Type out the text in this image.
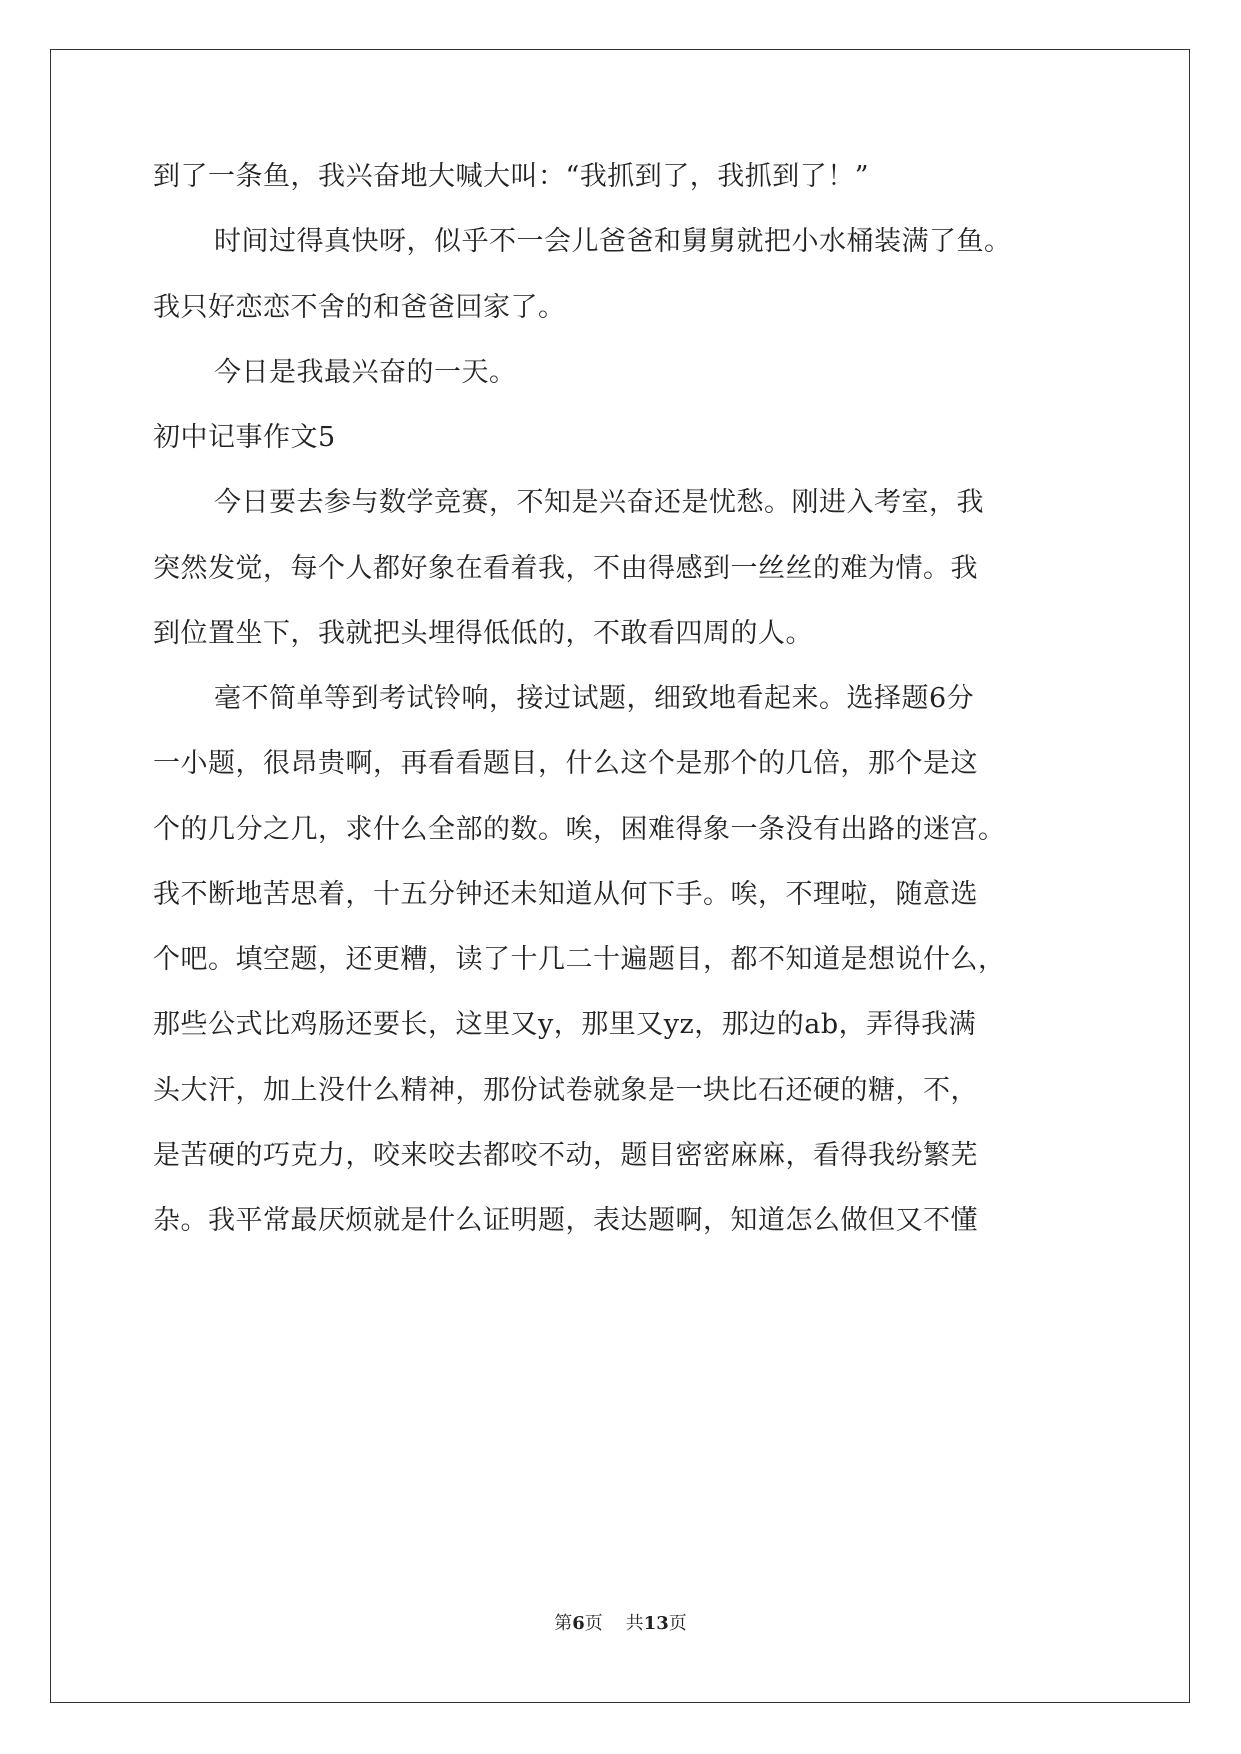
到了一条鱼，我兴奋地大喊大叫：“我抓到了，我抓到了！”
时间过得真快呀，似乎不一会儿爸爸和舅舅就把小水桶装满了鱼。
我只好恋恋不舍的和爸爸回家了。
今日是我最兴奋的一天。
初中记事作文5
今日要去参与数学竞赛，不知是兴奋还是忧愁。刚进入考室，我
突然发觉，每个人都好象在看着我，不由得感到一丝丝的难为情。我
到位置坐下，我就把头埋得低低的，不敢看四周的人。
毫不简单等到考试铃响，接过试题，细致地看起来。选择题6分
一小题，很昂贵啊，再看看题目，什么这个是那个的几倍，那个是这
个的几分之几，求什么全部的数。唉，困难得象一条没有出路的迷宫。
我不断地苦思着，十五分钟还未知道从何下手。唉，不理啦，随意选
个吧。填空题，还更糟，读了十几二十遍题目，都不知道是想说什么，
那些公式比鸡肠还要长，这里又y，那里又yz，那边的ab，弄得我满
头大汗，加上没什么精神，那份试卷就象是一块比石还硬的糖，不，
是苦硬的巧克力，咬来咬去都咬不动，题目密密麻麻，看得我纷繁芜
杂。我平常最厌烦就是什么证明题，表达题啊，知道怎么做但又不懂
第6页 共13页
